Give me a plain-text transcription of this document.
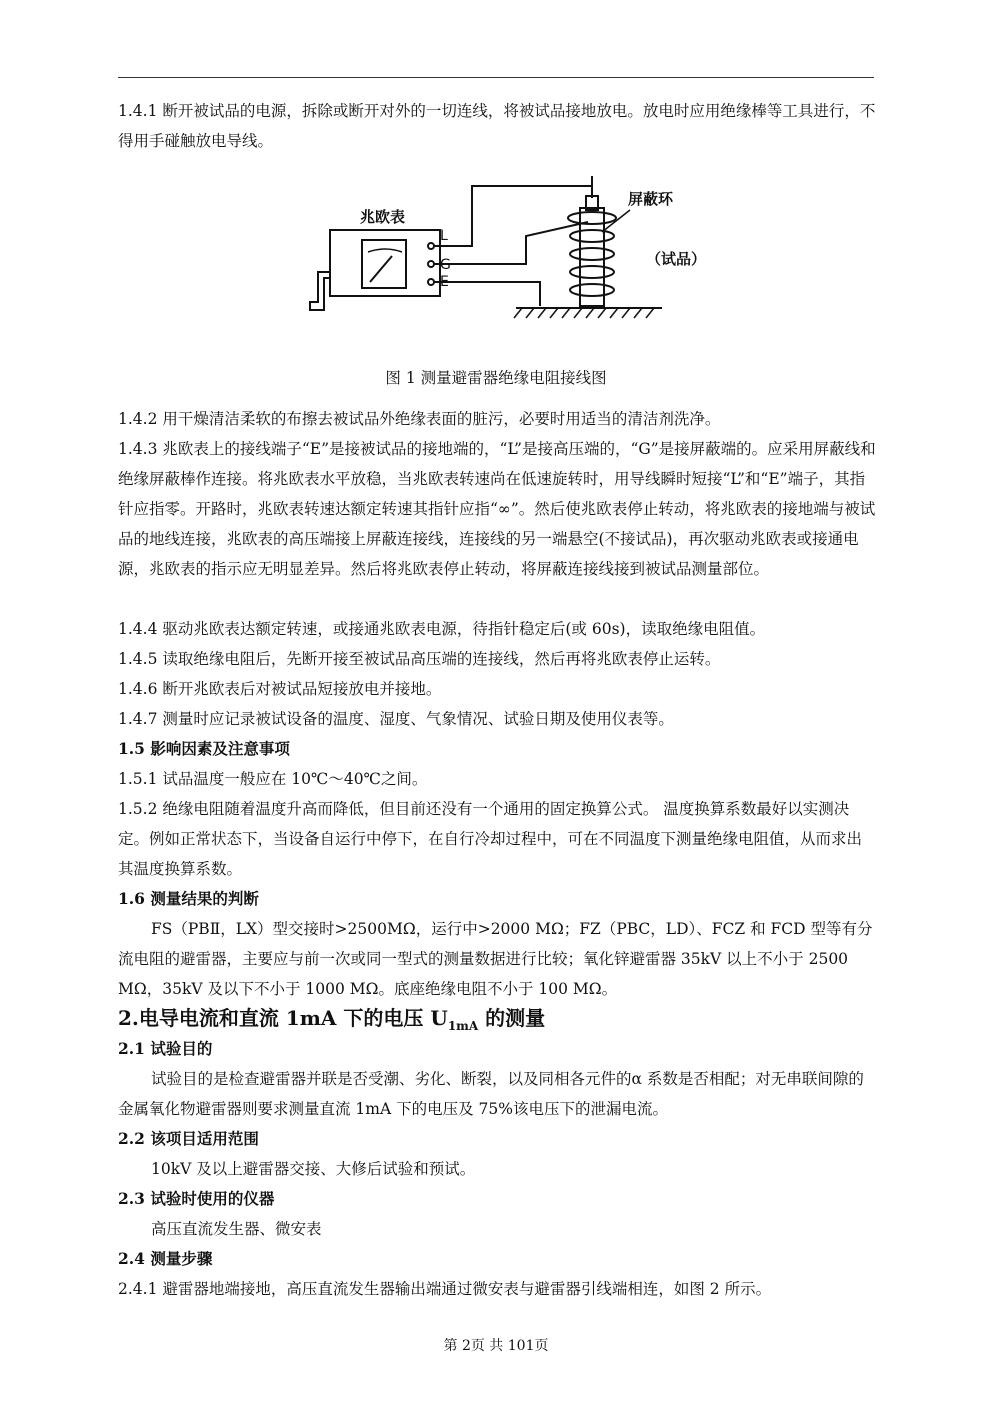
1.4.1 断开被试品的电源，拆除或断开对外的一切连线，将被试品接地放电。放电时应用绝缘棒等工具进行，不得用手碰触放电导线。

兆欧表
L
G
E
屏蔽环
（试品）
图 1 测量避雷器绝缘电阻接线图

1.4.2 用干燥清洁柔软的布擦去被试品外绝缘表面的脏污，必要时用适当的清洁剂洗净。

1.4.3 兆欧表上的接线端子“E”是接被试品的接地端的，“L”是接高压端的，“G”是接屏蔽端的。应采用屏蔽线和绝缘屏蔽棒作连接。将兆欧表水平放稳，当兆欧表转速尚在低速旋转时，用导线瞬时短接“L”和“E”端子，其指针应指零。开路时，兆欧表转速达额定转速其指针应指“∞”。然后使兆欧表停止转动，将兆欧表的接地端与被试品的地线连接，兆欧表的高压端接上屏蔽连接线，连接线的另一端悬空(不接试品)，再次驱动兆欧表或接通电源，兆欧表的指示应无明显差异。然后将兆欧表停止转动，将屏蔽连接线接到被试品测量部位。

1.4.4 驱动兆欧表达额定转速，或接通兆欧表电源，待指针稳定后(或 60s)，读取绝缘电阻值。

1.4.5 读取绝缘电阻后，先断开接至被试品高压端的连接线，然后再将兆欧表停止运转。

1.4.6 断开兆欧表后对被试品短接放电并接地。

1.4.7 测量时应记录被试设备的温度、湿度、气象情况、试验日期及使用仪表等。

1.5 影响因素及注意事项

1.5.1 试品温度一般应在 10℃～40℃之间。

1.5.2 绝缘电阻随着温度升高而降低，但目前还没有一个通用的固定换算公式。 温度换算系数最好以实测决定。例如正常状态下，当设备自运行中停下，在自行冷却过程中，可在不同温度下测量绝缘电阻值，从而求出其温度换算系数。

1.6 测量结果的判断

FS（PBⅡ，LX）型交接时>2500MΩ，运行中>2000 MΩ；FZ（PBC，LD）、FCZ 和 FCD 型等有分流电阻的避雷器，主要应与前一次或同一型式的测量数据进行比较；氧化锌避雷器 35kV 以上不小于 2500 MΩ，35kV 及以下不小于 1000 MΩ。底座绝缘电阻不小于 100 MΩ。

2.电导电流和直流 1mA 下的电压 $U_{1mA}$ 的测量

2.1 试验目的

试验目的是检查避雷器并联是否受潮、劣化、断裂，以及同相各元件的α 系数是否相配；对无串联间隙的金属氧化物避雷器则要求测量直流 1mA 下的电压及 75%该电压下的泄漏电流。

2.2 该项目适用范围

10kV 及以上避雷器交接、大修后试验和预试。

2.3 试验时使用的仪器

高压直流发生器、微安表

2.4 测量步骤

2.4.1 避雷器地端接地，高压直流发生器输出端通过微安表与避雷器引线端相连，如图 2 所示。

第 2页 共 101页
